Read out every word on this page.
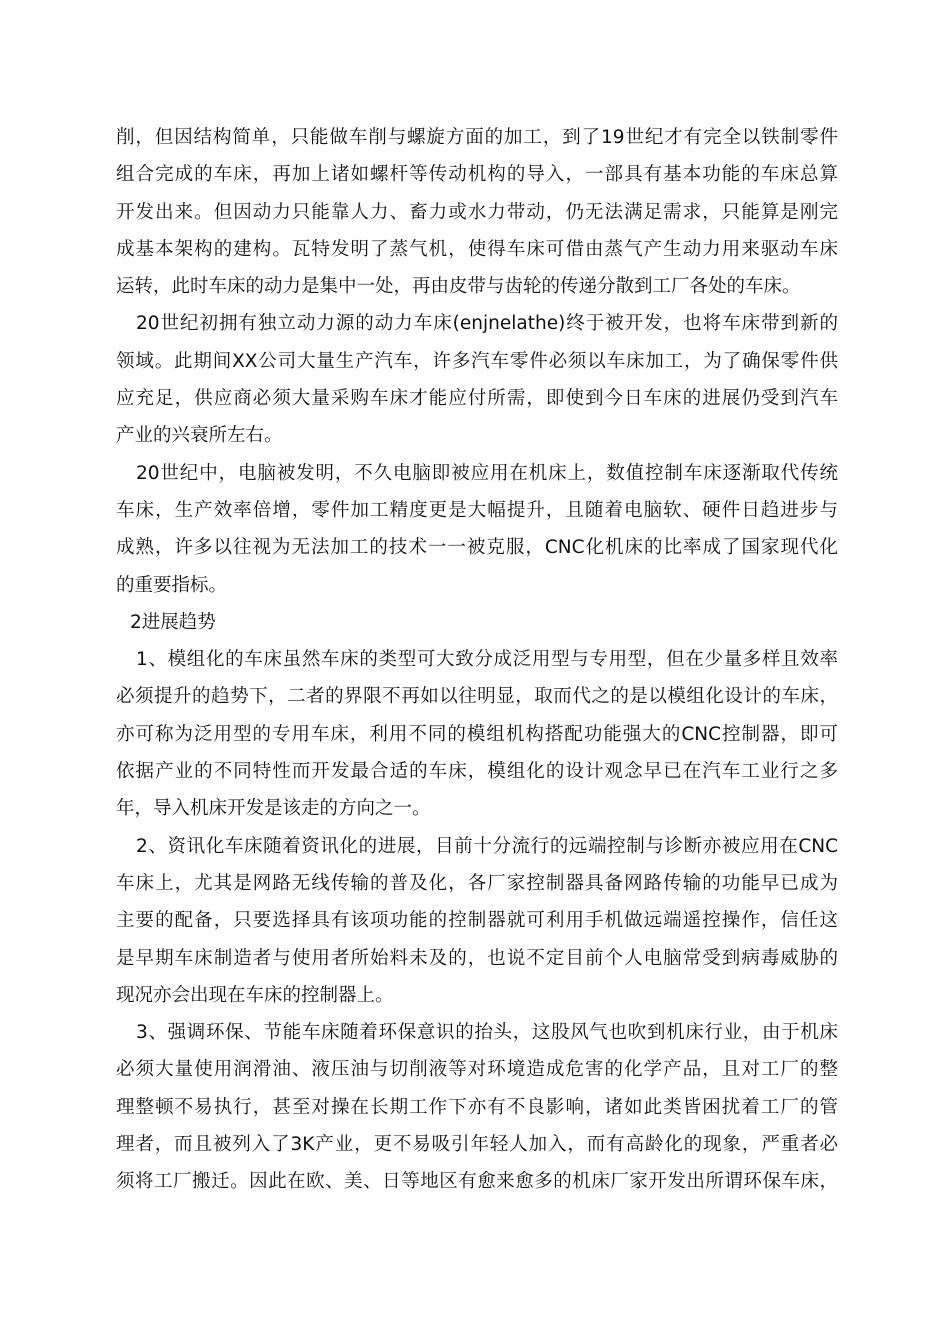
削，但因结构简单，只能做车削与螺旋方面的加工，到了19世纪才有完全以铁制零件
组合完成的车床，再加上诸如螺杆等传动机构的导入，一部具有基本功能的车床总算
开发出来。但因动力只能靠人力、畜力或水力带动，仍无法满足需求，只能算是刚完
成基本架构的建构。瓦特发明了蒸气机，使得车床可借由蒸气产生动力用来驱动车床
运转，此时车床的动力是集中一处，再由皮带与齿轮的传递分散到工厂各处的车床。
20世纪初拥有独立动力源的动力车床(enjnelathe)终于被开发，也将车床带到新的
领域。此期间XX公司大量生产汽车，许多汽车零件必须以车床加工，为了确保零件供
应充足，供应商必须大量采购车床才能应付所需，即使到今日车床的进展仍受到汽车
产业的兴衰所左右。
20世纪中，电脑被发明，不久电脑即被应用在机床上，数值控制车床逐渐取代传统
车床，生产效率倍增，零件加工精度更是大幅提升，且随着电脑软、硬件日趋进步与
成熟，许多以往视为无法加工的技术一一被克服，CNC化机床的比率成了国家现代化
的重要指标。
2进展趋势
1、模组化的车床虽然车床的类型可大致分成泛用型与专用型，但在少量多样且效率
必须提升的趋势下，二者的界限不再如以往明显，取而代之的是以模组化设计的车床，
亦可称为泛用型的专用车床，利用不同的模组机构搭配功能强大的CNC控制器，即可
依据产业的不同特性而开发最合适的车床，模组化的设计观念早已在汽车工业行之多
年，导入机床开发是该走的方向之一。
2、资讯化车床随着资讯化的进展，目前十分流行的远端控制与诊断亦被应用在CNC
车床上，尤其是网路无线传输的普及化，各厂家控制器具备网路传输的功能早已成为
主要的配备，只要选择具有该项功能的控制器就可利用手机做远端遥控操作，信任这
是早期车床制造者与使用者所始料未及的，也说不定目前个人电脑常受到病毒威胁的
现况亦会出现在车床的控制器上。
3、强调环保、节能车床随着环保意识的抬头，这股风气也吹到机床行业，由于机床
必须大量使用润滑油、液压油与切削液等对环境造成危害的化学产品，且对工厂的整
理整顿不易执行，甚至对操在长期工作下亦有不良影响，诸如此类皆困扰着工厂的管
理者，而且被列入了3K产业，更不易吸引年轻人加入，而有高龄化的现象，严重者必
须将工厂搬迁。因此在欧、美、日等地区有愈来愈多的机床厂家开发出所谓环保车床，
